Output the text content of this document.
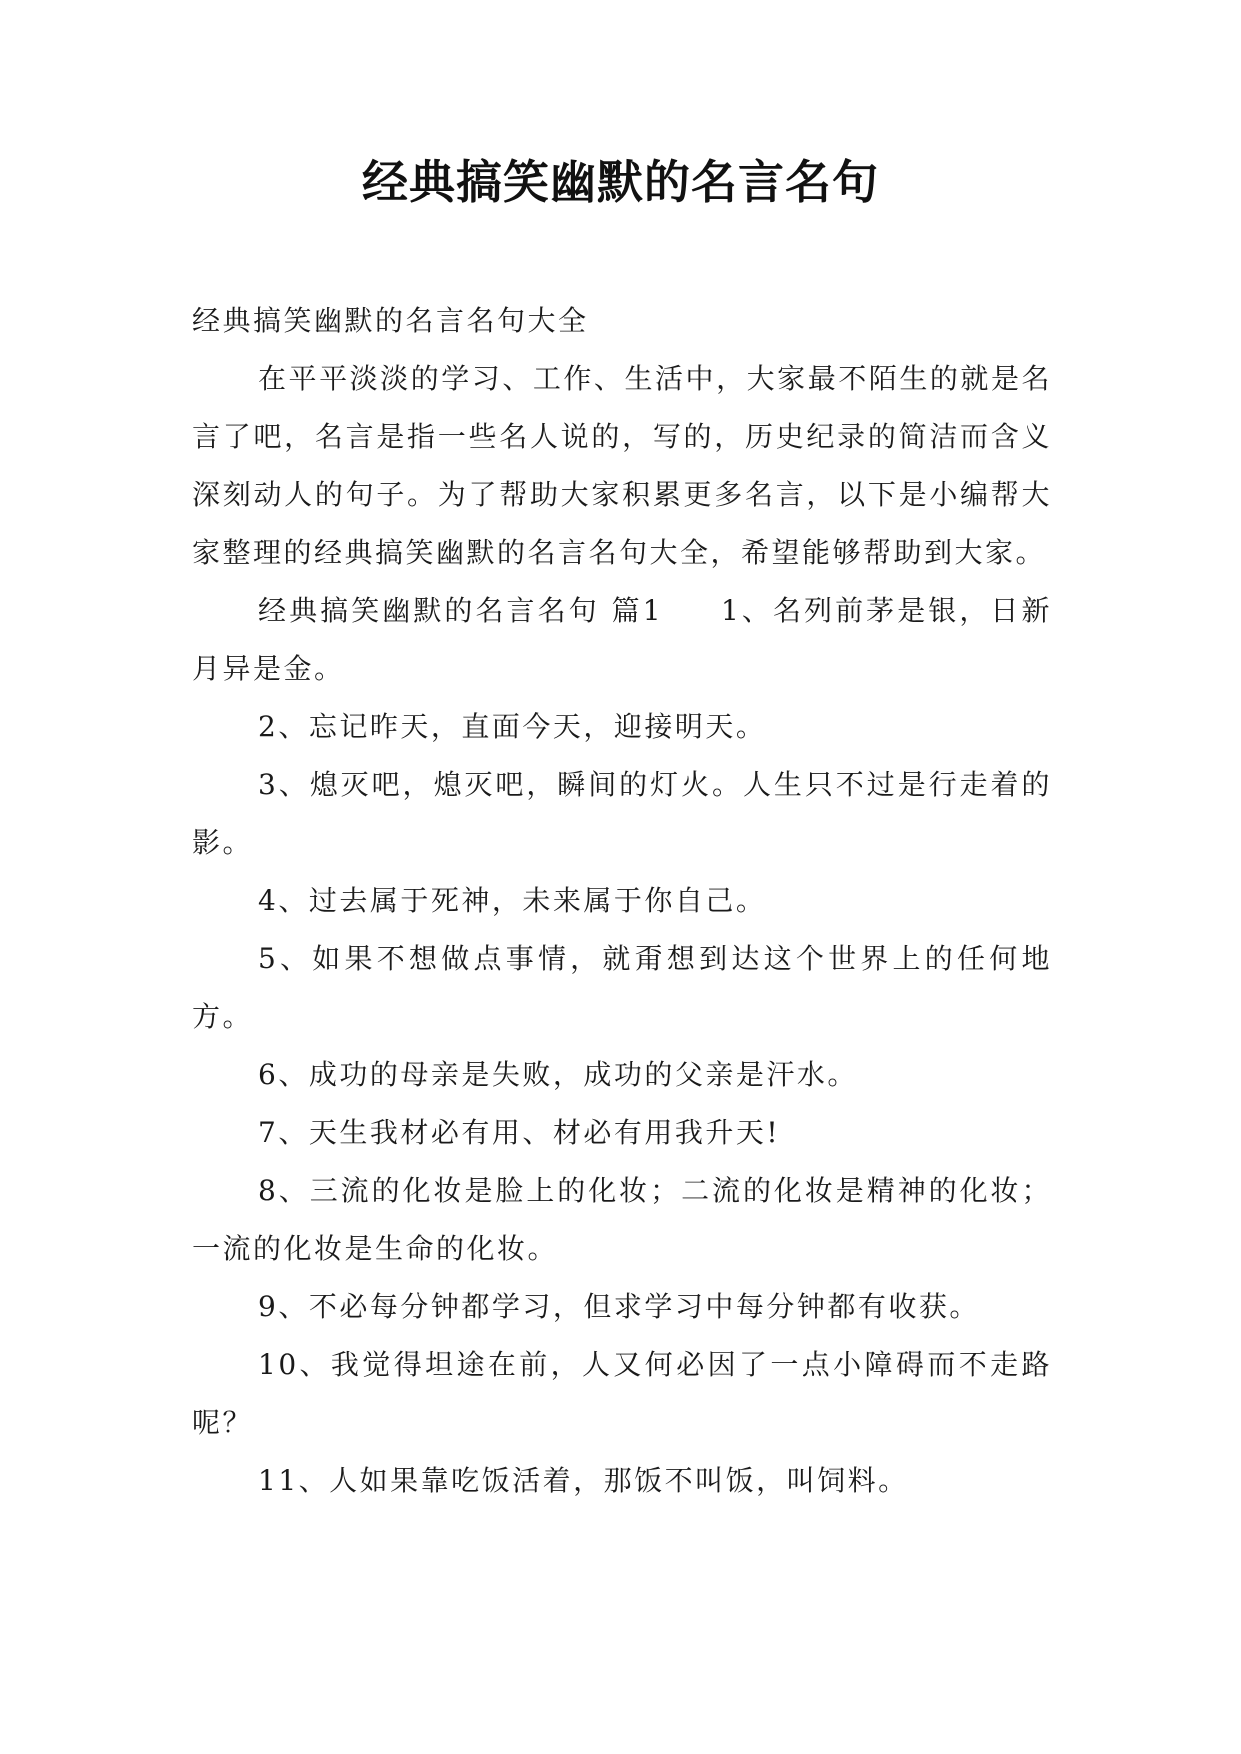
经典搞笑幽默的名言名句

经典搞笑幽默的名言名句大全

在平平淡淡的学习、工作、生活中，大家最不陌生的就是名言了吧，名言是指一些名人说的，写的，历史纪录的简洁而含义深刻动人的句子。为了帮助大家积累更多名言，以下是小编帮大家整理的经典搞笑幽默的名言名句大全，希望能够帮助到大家。

经典搞笑幽默的名言名句 篇1 1、名列前茅是银，日新月异是金。

2、忘记昨天，直面今天，迎接明天。

3、熄灭吧，熄灭吧，瞬间的灯火。人生只不过是行走着的影。

4、过去属于死神，未来属于你自己。

5、如果不想做点事情，就甭想到达这个世界上的任何地方。

6、成功的母亲是失败，成功的父亲是汗水。

7、天生我材必有用、材必有用我升天!

8、三流的化妆是脸上的化妆；二流的化妆是精神的化妆；一流的化妆是生命的化妆。

9、不必每分钟都学习，但求学习中每分钟都有收获。

10、我觉得坦途在前，人又何必因了一点小障碍而不走路呢？

11、人如果靠吃饭活着，那饭不叫饭，叫饲料。
